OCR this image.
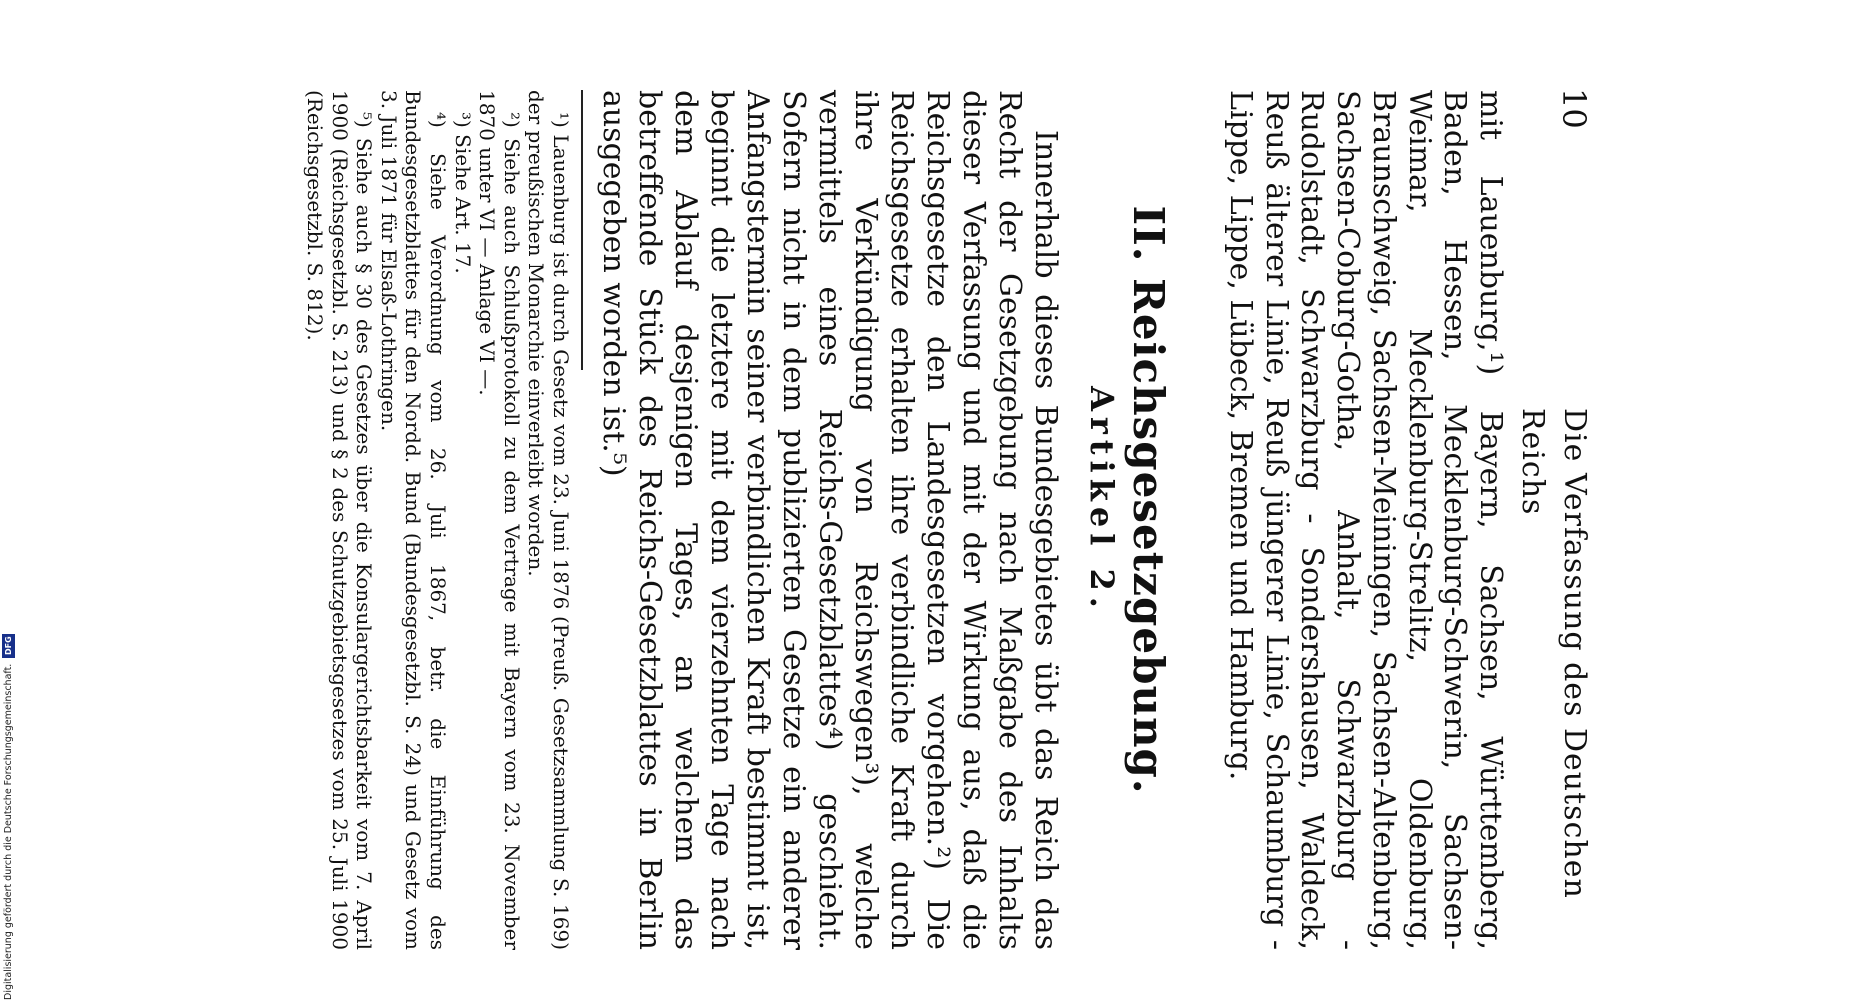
10
Die Verfassung des Deutschen Reichs

mit Lauenburg,¹) Bayern, Sachsen, Württemberg, Baden, Hessen, Mecklenburg-Schwerin, Sachsen-Weimar, Mecklenburg-Strelitz, Oldenburg, Braunschweig, Sachsen-Meiningen, Sachsen-Altenburg, Sachsen-Coburg-Gotha, Anhalt, Schwarzburg - Rudolstadt, Schwarzburg - Sondershausen, Waldeck, Reuß älterer Linie, Reuß jüngerer Linie, Schaumburg - Lippe, Lippe, Lübeck, Bremen und Hamburg.

II. Reichsgesetzgebung.
Artikel 2.

Innerhalb dieses Bundesgebietes übt das Reich das Recht der Gesetzgebung nach Maßgabe des Inhalts dieser Verfassung und mit der Wirkung aus, daß die Reichsgesetze den Landesgesetzen vorgehen.²) Die Reichsgesetze erhalten ihre verbindliche Kraft durch ihre Verkündigung von Reichswegen³), welche vermittels eines Reichs-Gesetzblattes⁴) geschieht. Sofern nicht in dem publizierten Gesetze ein anderer Anfangstermin seiner verbindlichen Kraft bestimmt ist, beginnt die letztere mit dem vierzehnten Tage nach dem Ablauf desjenigen Tages, an welchem das betreffende Stück des Reichs-Gesetzblattes in Berlin ausgegeben worden ist.⁵)

¹) Lauenburg ist durch Gesetz vom 23. Juni 1876 (Preuß. Gesetzsammlung S. 169) der preußischen Monarchie einverleibt worden.

²) Siehe auch Schlußprotokoll zu dem Vertrage mit Bayern vom 23. November 1870 unter VI — Anlage VI —.

³) Siehe Art. 17.

⁴) Siehe Verordnung vom 26. Juli 1867, betr. die Einführung des Bundesgesetzblattes für den Nordd. Bund (Bundesgesetzbl. S. 24) und Gesetz vom 3. Juli 1871 für Elsaß-Lothringen.

⁵) Siehe auch § 30 des Gesetzes über die Konsulargerichtsbarkeit vom 7. April 1900 (Reichsgesetzbl. S. 213) und § 2 des Schutzgebietsgesetzes vom 25. Juli 1900 (Reichsgesetzbl. S. 812).

Digitalisierung gefördert durch die Deutsche Forschungsgemeinschaft. DFG
